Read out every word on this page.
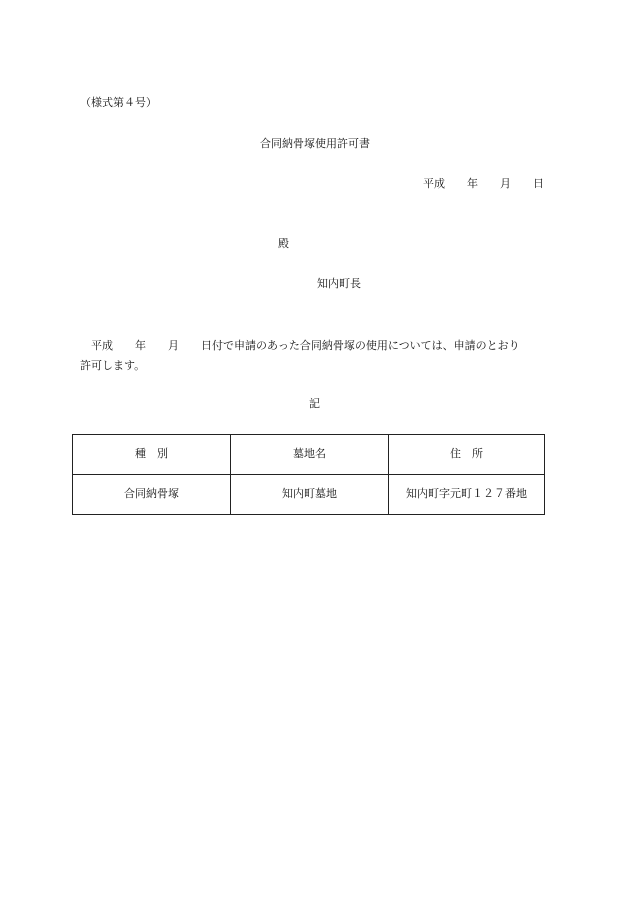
（様式第４号）
合同納骨塚使用許可書
平成　　年　　月　　日
殿
知内町長
平成　　年　　月　　日付で申請のあった合同納骨塚の使用については、申請のとおり
許可します。
記
種　別	墓地名	住　所
合同納骨塚	知内町墓地	知内町字元町１２７番地
